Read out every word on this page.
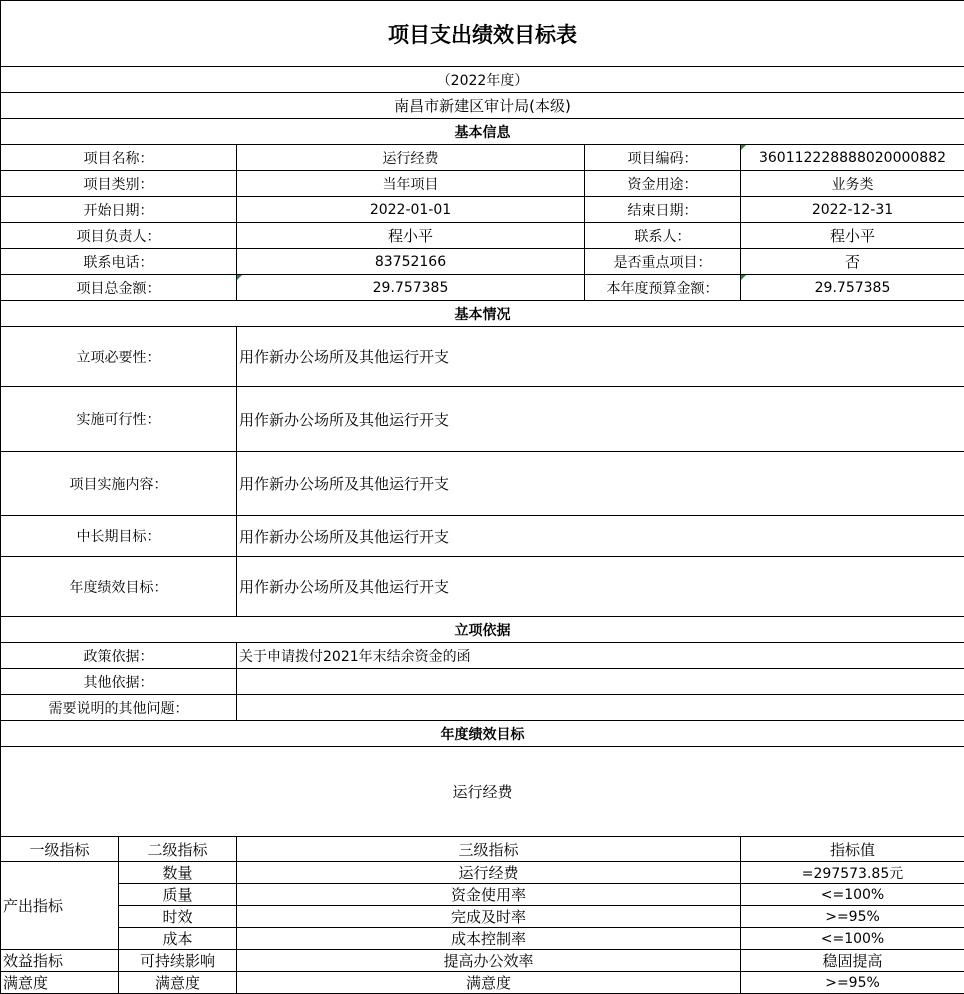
项目支出绩效目标表				
（2022年度）				
南昌市新建区审计局(本级)				
基本信息				
项目名称：		运行经费	项目编码：	360112228888020000882
项目类别：		当年项目	资金用途：	业务类
开始日期：		2022-01-01	结束日期：	2022-12-31
项目负责人：		程小平	联系人：	程小平
联系电话：		83752166	是否重点项目：	否
项目总金额：		29.757385	本年度预算金额：	29.757385
基本情况				
立项必要性：		用作新办公场所及其他运行开支		
实施可行性：		用作新办公场所及其他运行开支		
项目实施内容：		用作新办公场所及其他运行开支		
中长期目标：		用作新办公场所及其他运行开支		
年度绩效目标：		用作新办公场所及其他运行开支		
立项依据				
政策依据：		关于申请拨付2021年末结余资金的函		
其他依据：				
需要说明的其他问题：				
年度绩效目标				
运行经费				
一级指标	二级指标	三级指标		指标值
产出指标	数量	运行经费		=297573.85元
	质量	资金使用率		<=100%
	时效	完成及时率		>=95%
	成本	成本控制率		<=100%
效益指标	可持续影响	提高办公效率		稳固提高
满意度	满意度	满意度		>=95%
